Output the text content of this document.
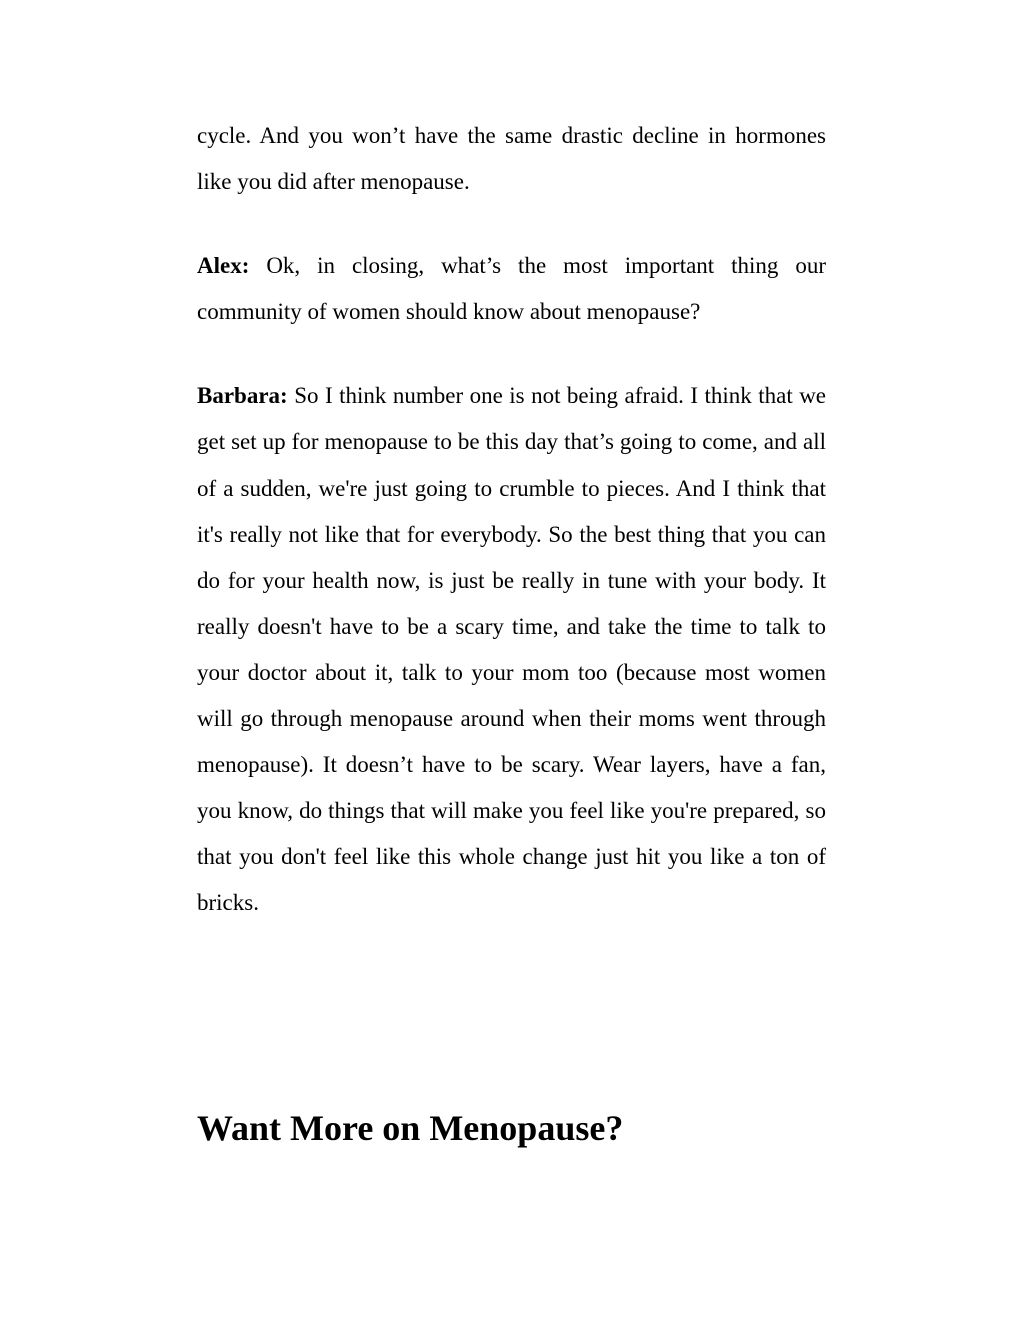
cycle. And you won’t have the same drastic decline in hormones like you did after menopause.

Alex: Ok, in closing, what’s the most important thing our community of women should know about menopause?

Barbara: So I think number one is not being afraid. I think that we get set up for menopause to be this day that’s going to come, and all of a sudden, we're just going to crumble to pieces. And I think that it's really not like that for everybody. So the best thing that you can do for your health now, is just be really in tune with your body. It really doesn't have to be a scary time, and take the time to talk to your doctor about it, talk to your mom too (because most women will go through menopause around when their moms went through menopause). It doesn’t have to be scary. Wear layers, have a fan, you know, do things that will make you feel like you're prepared, so that you don't feel like this whole change just hit you like a ton of bricks.

Want More on Menopause?
